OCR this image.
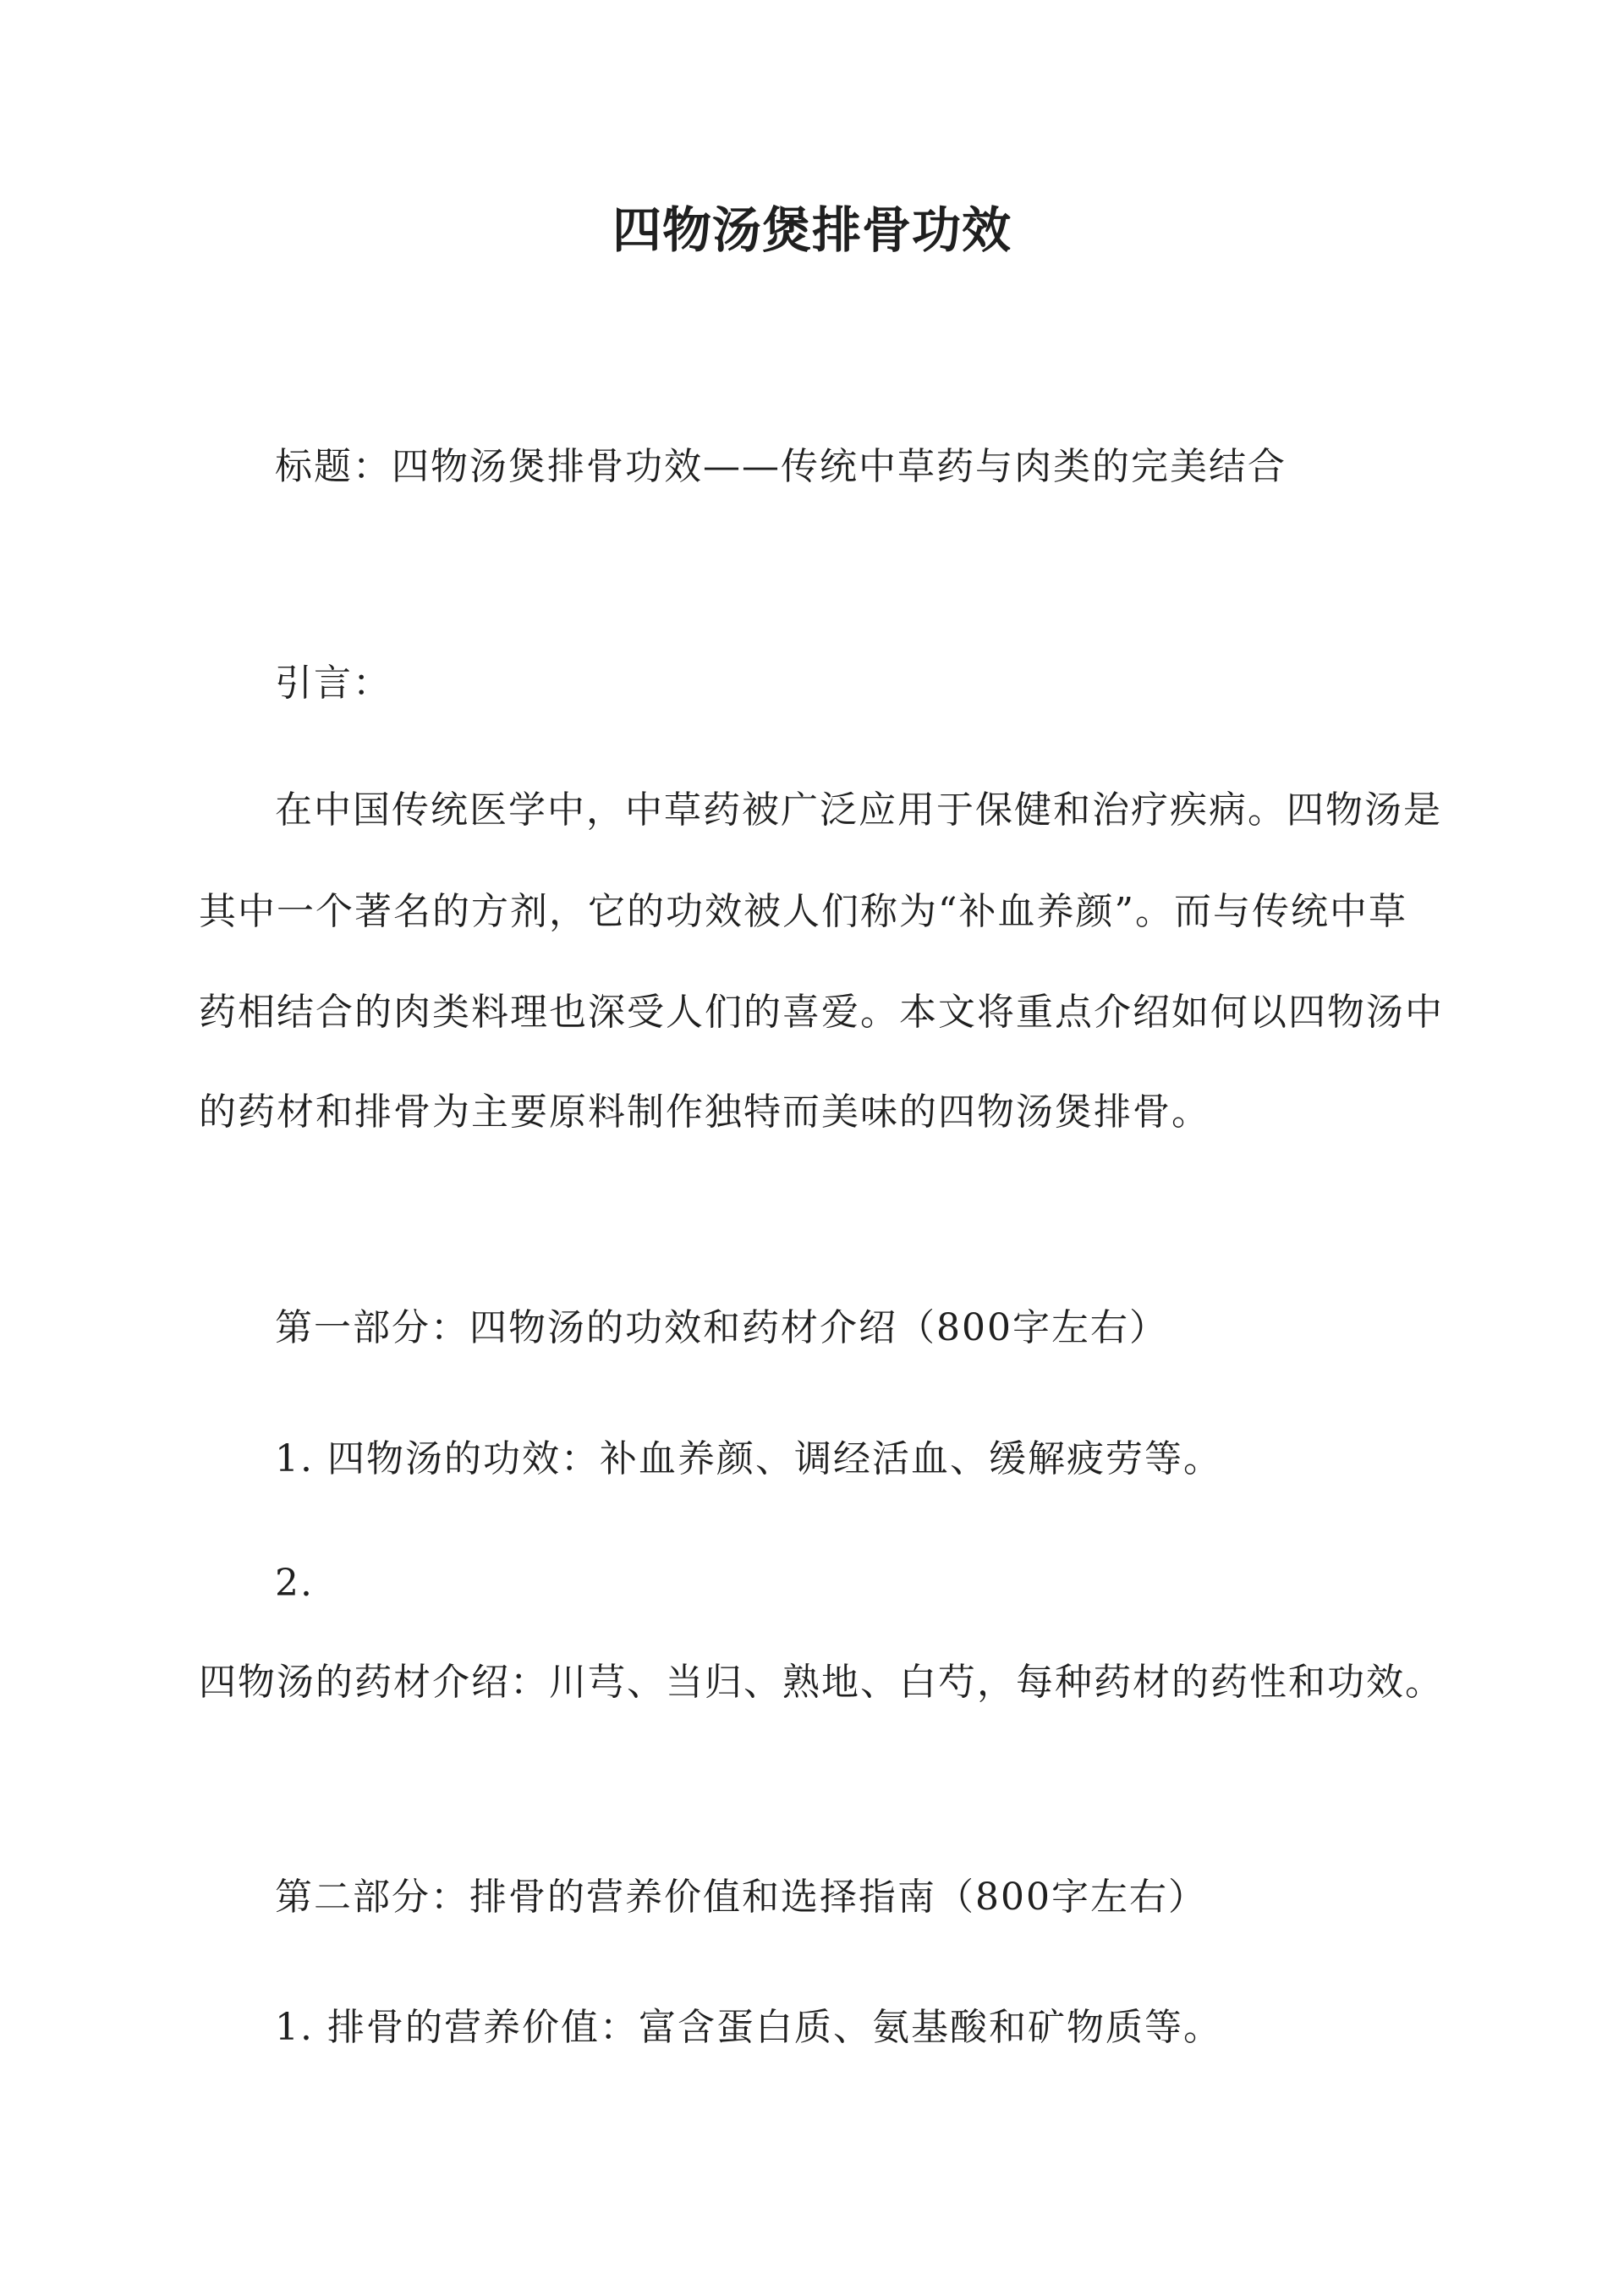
四物汤煲排骨功效
标题：四物汤煲排骨功效——传统中草药与肉类的完美结合
引言：
在中国传统医学中，中草药被广泛应用于保健和治疗疾病。四物汤是
其中一个著名的方剂，它的功效被人们称为“补血养颜”。而与传统中草
药相结合的肉类料理也深受人们的喜爱。本文将重点介绍如何以四物汤中
的药材和排骨为主要原料制作独特而美味的四物汤煲排骨。
第一部分：四物汤的功效和药材介绍（800字左右）
1. 四物汤的功效：补血养颜、调经活血、缓解疲劳等。
2.
四物汤的药材介绍：川芎、当归、熟地、白芍，每种药材的药性和功效。
第二部分：排骨的营养价值和选择指南（800字左右）
1. 排骨的营养价值：富含蛋白质、氨基酸和矿物质等。
